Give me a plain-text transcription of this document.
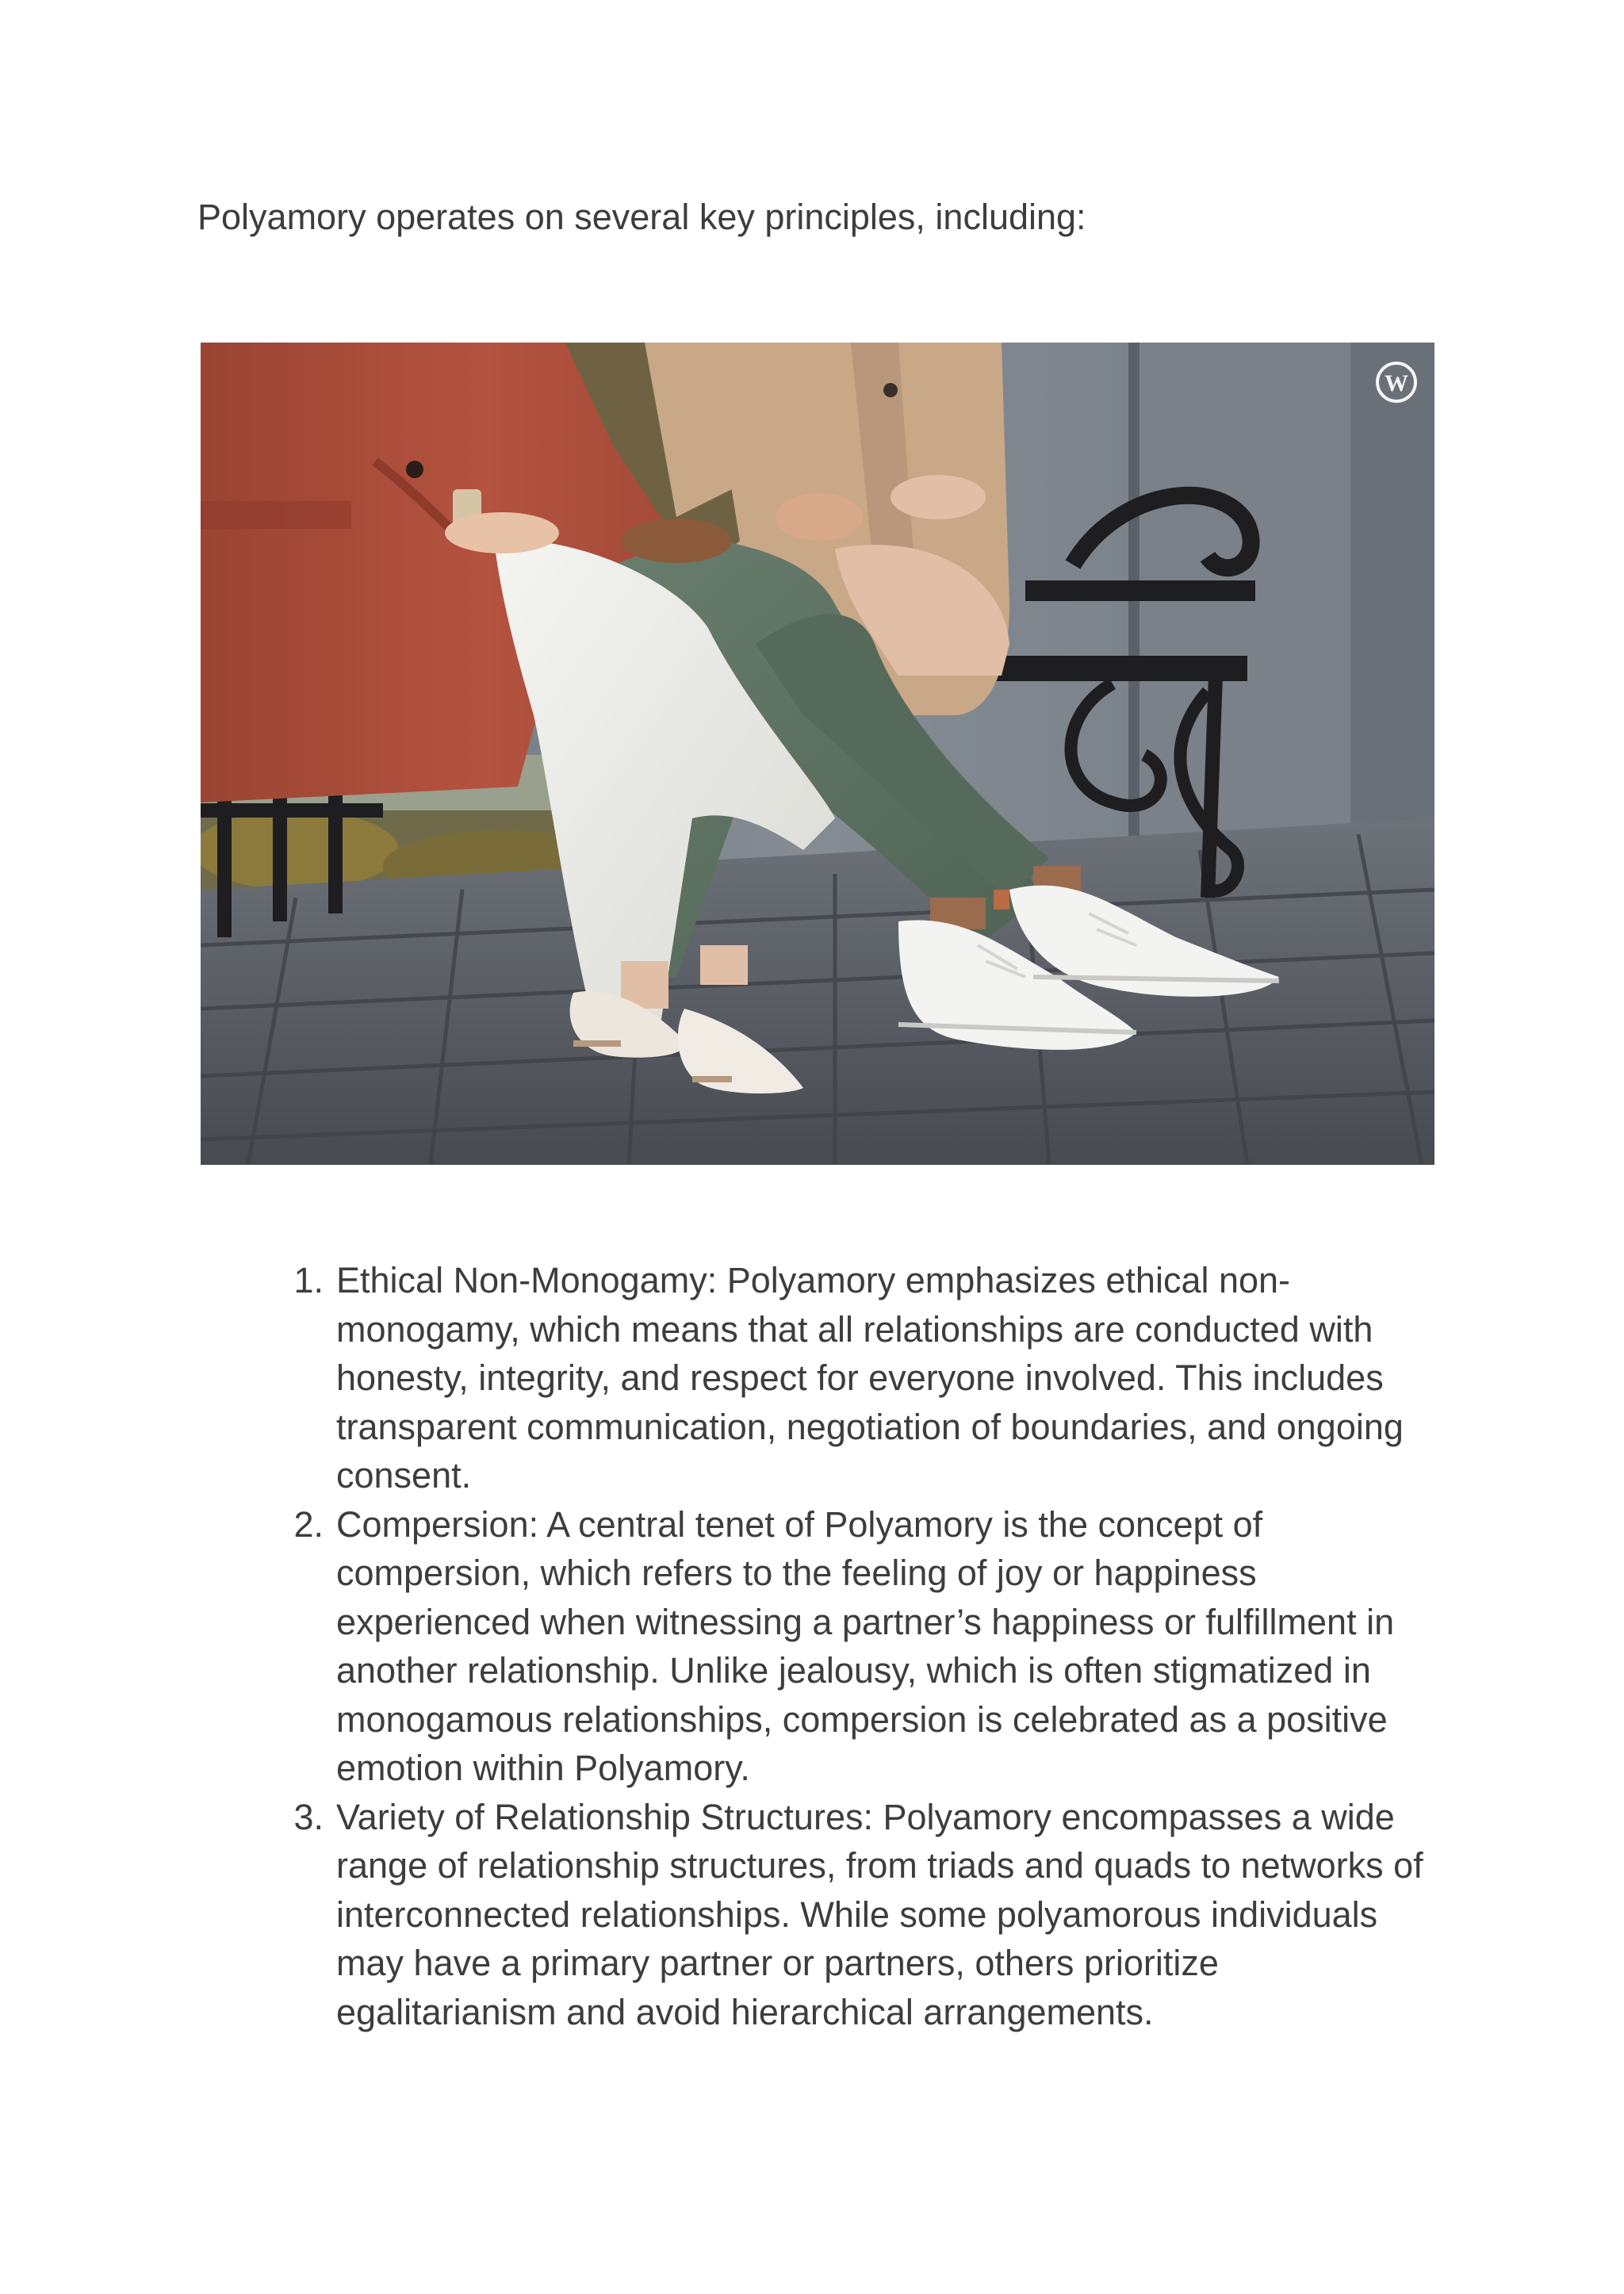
Polyamory operates on several key principles, including:

W
1. Ethical Non-Monogamy: Polyamory emphasizes ethical non-monogamy, which means that all relationships are conducted with honesty, integrity, and respect for everyone involved. This includes transparent communication, negotiation of boundaries, and ongoing consent.
2. Compersion: A central tenet of Polyamory is the concept of compersion, which refers to the feeling of joy or happiness experienced when witnessing a partner’s happiness or fulfillment in another relationship. Unlike jealousy, which is often stigmatized in monogamous relationships, compersion is celebrated as a positive emotion within Polyamory.
3. Variety of Relationship Structures: Polyamory encompasses a wide range of relationship structures, from triads and quads to networks of interconnected relationships. While some polyamorous individuals may have a primary partner or partners, others prioritize egalitarianism and avoid hierarchical arrangements.
